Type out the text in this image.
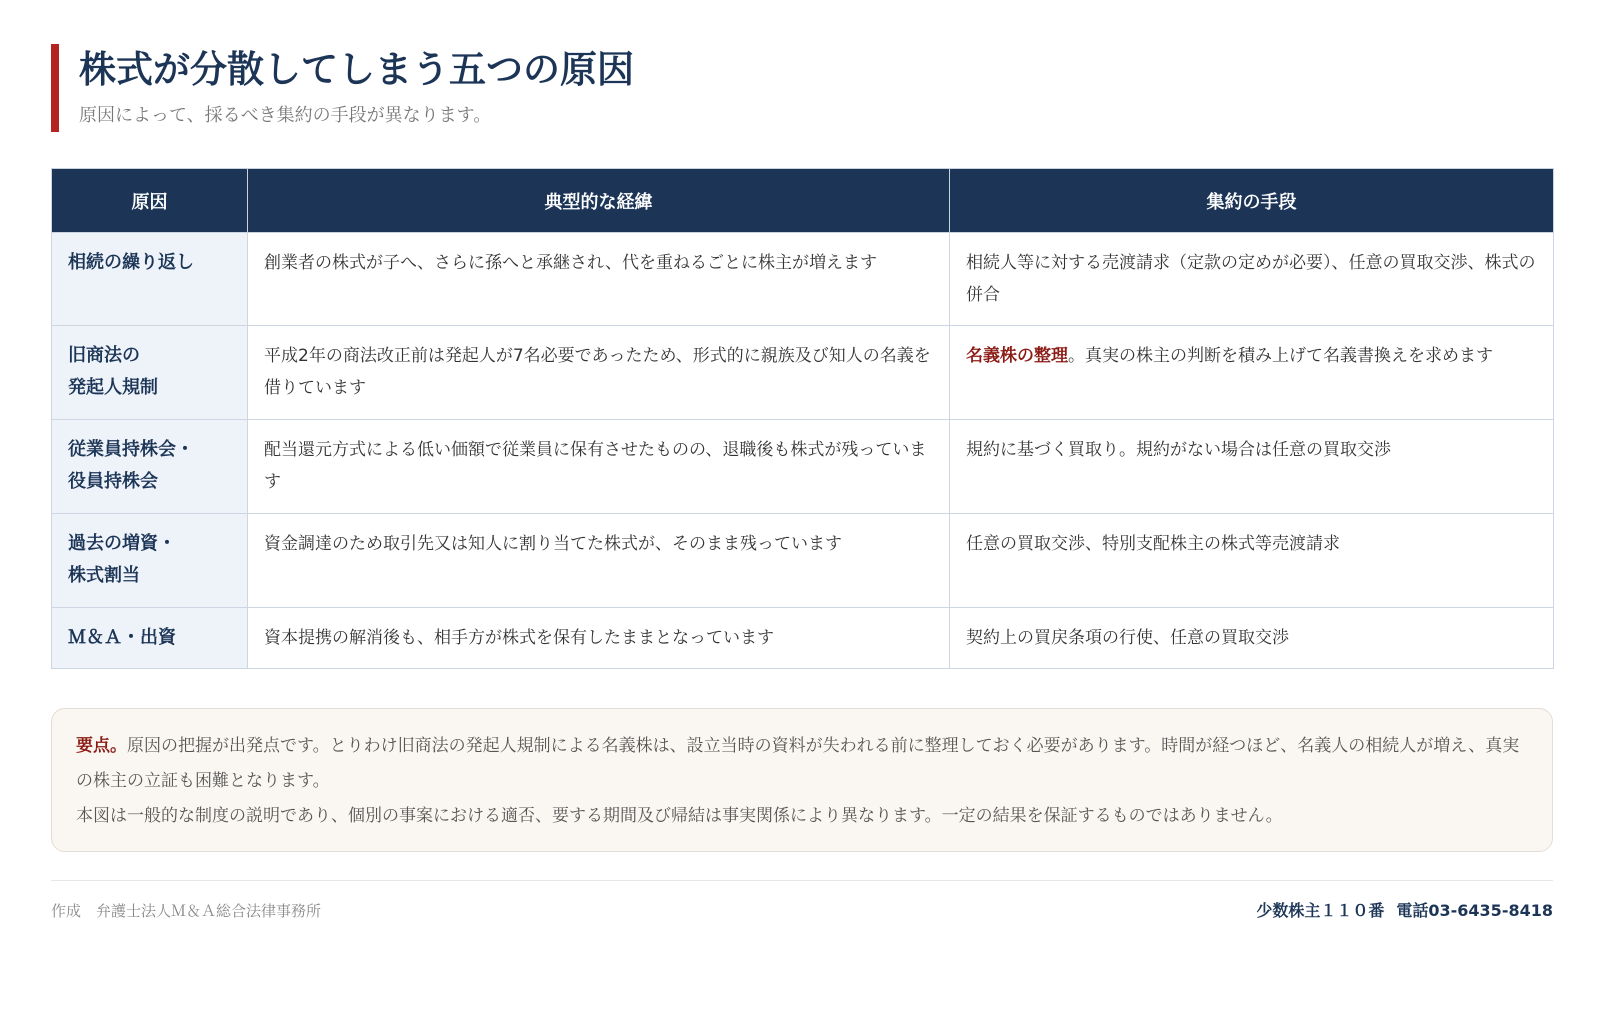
株式が分散してしまう五つの原因
原因によって、採るべき集約の手段が異なります。
原因	典型的な経緯	集約の手段
相続の繰り返し	創業者の株式が子へ、さらに孫へと承継され、代を重ねるごとに株主が増えます	相続人等に対する売渡請求（定款の定めが必要）、任意の買取交渉、株式の併合
旧商法の
発起人規制	平成2年の商法改正前は発起人が7名必要であったため、形式的に親族及び知人の名義を借りています	名義株の整理。真実の株主の判断を積み上げて名義書換えを求めます
従業員持株会・
役員持株会	配当還元方式による低い価額で従業員に保有させたものの、退職後も株式が残っています	規約に基づく買取り。規約がない場合は任意の買取交渉
過去の増資・
株式割当	資金調達のため取引先又は知人に割り当てた株式が、そのまま残っています	任意の買取交渉、特別支配株主の株式等売渡請求
Ｍ＆Ａ・出資	資本提携の解消後も、相手方が株式を保有したままとなっています	契約上の買戻条項の行使、任意の買取交渉
要点。原因の把握が出発点です。とりわけ旧商法の発起人規制による名義株は、設立当時の資料が失われる前に整理しておく必要があります。時間が経つほど、名義人の相続人が増え、真実の株主の立証も困難となります。
本図は一般的な制度の説明であり、個別の事案における適否、要する期間及び帰結は事実関係により異なります。一定の結果を保証するものではありません。
作成　弁護士法人Ｍ＆Ａ総合法律事務所	少数株主１１０番 電話03-6435-8418
